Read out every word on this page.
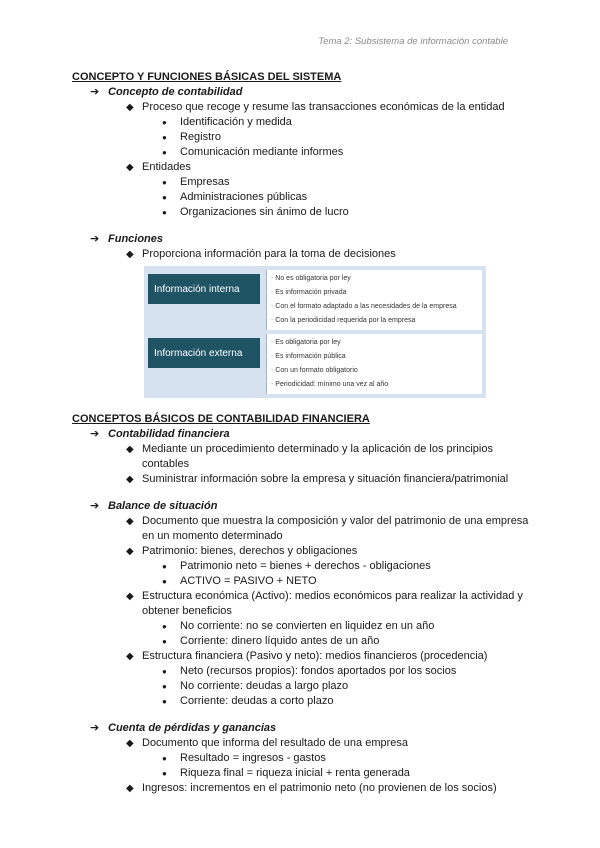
Tema 2: Subsistema de información contable

CONCEPTO Y FUNCIONES BÁSICAS DEL SISTEMA

➔ Concepto de contabilidad
◆ Proceso que recoge y resume las transacciones económicas de la entidad
●	Identificación y medida
●	Registro
●	Comunicación mediante informes
◆ Entidades
●	Empresas
●	Administraciones públicas
●	Organizaciones sin ánimo de lucro
➔ Funciones
◆ Proporciona información para la toma de decisiones
Información interna
- No es obligatoria por ley
- Es información privada
- Con el formato adaptado a las necesidades de la empresa
- Con la periodicidad requerida por la empresa
Información externa
- Es obligatoria por ley
- Es información pública
- Con un formato obligatorio
- Periodicidad: mínimo una vez al año

CONCEPTOS BÁSICOS DE CONTABILIDAD FINANCIERA

➔ Contabilidad financiera
◆ Mediante un procedimiento determinado y la aplicación de los principios contables
◆ Suministrar información sobre la empresa y situación financiera/patrimonial
➔ Balance de situación
◆ Documento que muestra la composición y valor del patrimonio de una empresa en un momento determinado
◆ Patrimonio: bienes, derechos y obligaciones
●	Patrimonio neto = bienes + derechos - obligaciones
●	ACTIVO = PASIVO + NETO
◆ Estructura económica (Activo): medios económicos para realizar la actividad y obtener beneficios
●	No corriente: no se convierten en liquidez en un año
●	Corriente: dinero líquido antes de un año
◆ Estructura financiera (Pasivo y neto): medios financieros (procedencia)
●	Neto (recursos propios): fondos aportados por los socios
●	No corriente: deudas a largo plazo
●	Corriente: deudas a corto plazo
➔ Cuenta de pérdidas y ganancias
◆ Documento que informa del resultado de una empresa
●	Resultado = ingresos - gastos
●	Riqueza final = riqueza inicial + renta generada
◆ Ingresos: incrementos en el patrimonio neto (no provienen de los socios)
